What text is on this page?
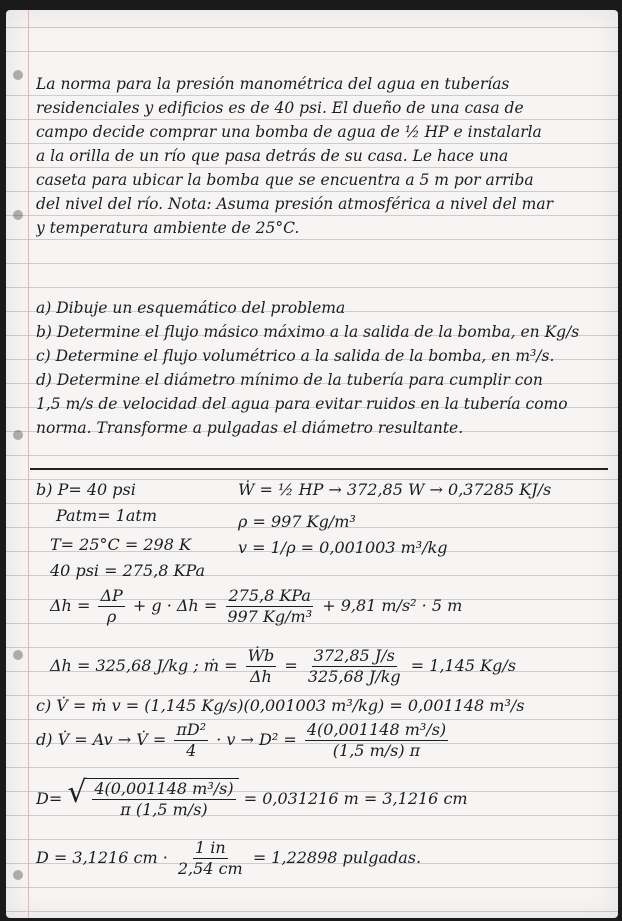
La norma para la presión manométrica del agua en tuberías
residenciales y edificios es de 40 psi. El dueño de una casa de
campo decide comprar una bomba de agua de ½ HP e instalarla
a la orilla de un río que pasa detrás de su casa. Le hace una
caseta para ubicar la bomba que se encuentra a 5 m por arriba
del nivel del río. Nota: Asuma presión atmosférica a nivel del mar
y temperatura ambiente de 25°C.
a) Dibuje un esquemático del problema
b) Determine el flujo másico máximo a la salida de la bomba, en Kg/s
c) Determine el flujo volumétrico a la salida de la bomba, en m³/s.
d) Determine el diámetro mínimo de la tubería para cumplir con
1,5 m/s de velocidad del agua para evitar ruidos en la tubería como
norma. Transforme a pulgadas el diámetro resultante.
b) P= 40 psi	Ẇ = ½ HP → 372,85 W → 0,37285 KJ/s
Patm= 1atm	ρ = 997 Kg/m³
T= 25°C = 298 K	v = 1/ρ = 0,001003 m³/kg
40 psi = 275,8 KPa
$\Delta h = \frac{\Delta P}{\rho} + g \cdot \Delta h = \frac{\text{275,8 KPa}}{\text{997 Kg/m³}} + 9,81$ m/s² · 5 m
Δh = 325,68 J/kg ; ṁ = $\frac{\text{Ẇb}}{\Delta h} = \frac{372,85 J/s}{325,68 J/kg} = 1,145$ Kg/s
c) V̇ = ṁ v = (1,145 Kg/s)(0,001003 m³/kg) = 0,001148 m³/s
d) V̇ = Av → V̇ = $\frac{\text{πD²}}{4} \cdot v \to D^2 = \frac{\text{4(0,001148 m³/s)}}{(1,5 m/s) \pi}$
D= √ $\frac{\text{4(0,001148 m³/s)}}{\pi (1,5 m/s)} = 0,031216$ m = 3,1216 cm
D = 3,1216 cm · $\frac{1 in}{2,54 cm} = 1,22898$ pulgadas.
